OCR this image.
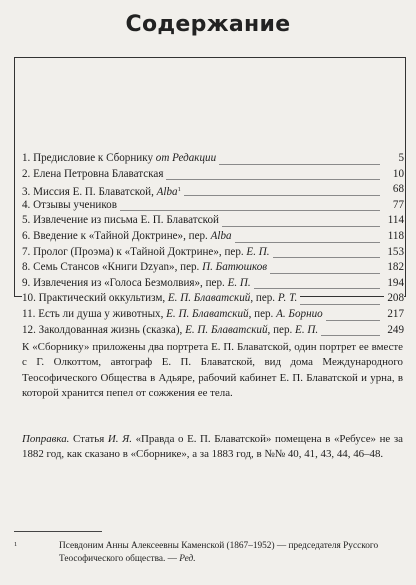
Содержание
1. Предисловие к Сборнику от Редакции	5
2. Елена Петровна Блаватская	10
3. Миссия Е. П. Блаватской, Alba$^1$	68
4. Отзывы учеников	77
5. Извлечение из письма Е. П. Блаватской	114
6. Введение к «Тайной Доктрине», пер. Alba	118
7. Пролог (Проэма) к «Тайной Доктрине», пер. Е. П.	153
8. Семь Стансов «Книги Dzyan», пер. П. Батюшков	182
9. Извлечения из «Голоса Безмолвия», пер. Е. П.	194
10. Практический оккультизм, Е. П. Блаватский, пер. Р. Т.	208
11. Есть ли душа у животных, Е. П. Блаватский, пер. А. Борнио	217
12. Заколдованная жизнь (сказка), Е. П. Блаватский, пер. Е. П.	249
К «Сборнику» приложены два портрета Е. П. Блаватской, один портрет ее вместе с Г. Олкоттом, автограф Е. П. Блаватской, вид дома Международного Теософического Общества в Адьяре, рабочий кабинет Е. П. Блаватской и урна, в которой хранится пепел от сожжения ее тела.
Поправка. Статья И. Я. «Правда о Е. П. Блаватской» помещена в «Ребусе» не за 1882 год, как сказано в «Сборнике», а за 1883 год, в №№ 40, 41, 43, 44, 46–48.
1	Псевдоним Анны Алексеевны Каменской (1867–1952) — председателя Русского Теософического общества. — Ред.
